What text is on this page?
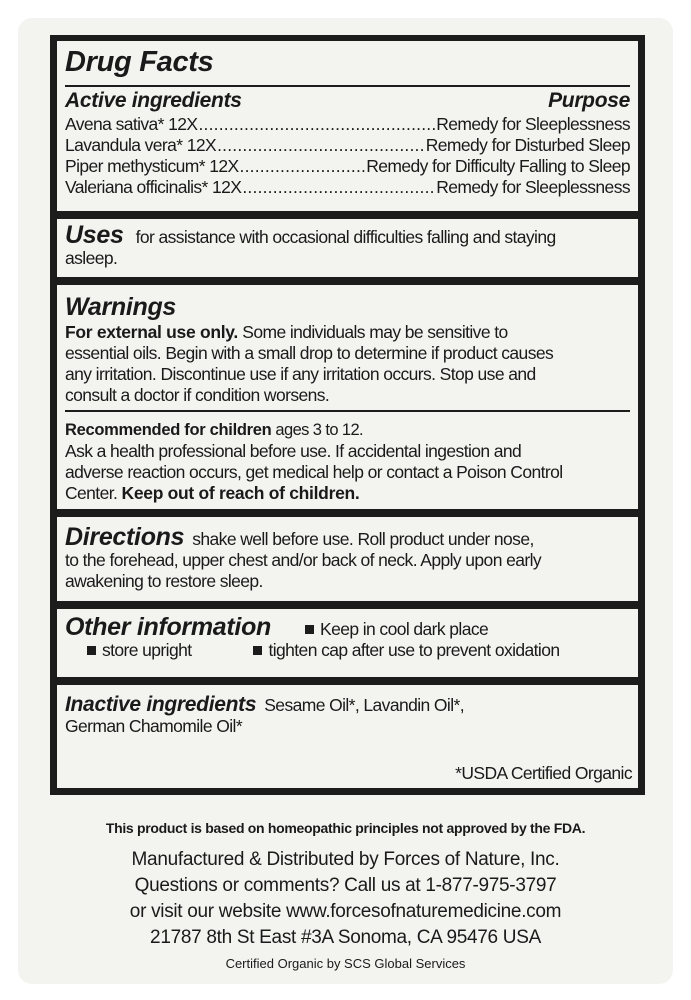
Drug Facts
Active ingredients	Purpose
Avena sativa* 12X .....	Remedy for Sleeplessness
Lavandula vera* 12X .....	Remedy for Disturbed Sleep
Piper methysticum* 12X .....	Remedy for Difficulty Falling to Sleep
Valeriana officinalis* 12X .....	Remedy for Sleeplessness
Uses for assistance with occasional difficulties falling and staying
asleep.
Warnings
For external use only. Some individuals may be sensitive to
essential oils. Begin with a small drop to determine if product causes
any irritation. Discontinue use if any irritation occurs. Stop use and
consult a doctor if condition worsens.
Recommended for children ages 3 to 12.
Ask a health professional before use. If accidental ingestion and
adverse reaction occurs, get medical help or contact a Poison Control
Center. Keep out of reach of children.
Directions shake well before use. Roll product under nose,
to the forehead, upper chest and/or back of neck. Apply upon early
awakening to restore sleep.
Other information	Keep in cool dark place
store upright	tighten cap after use to prevent oxidation
Inactive ingredients Sesame Oil*, Lavandin Oil*,
German Chamomile Oil*
*USDA Certified Organic
This product is based on homeopathic principles not approved by the FDA.
Manufactured & Distributed by Forces of Nature, Inc.
Questions or comments? Call us at 1-877-975-3797
or visit our website www.forcesofnaturemedicine.com
21787 8th St East #3A Sonoma, CA 95476 USA
Certified Organic by SCS Global Services
